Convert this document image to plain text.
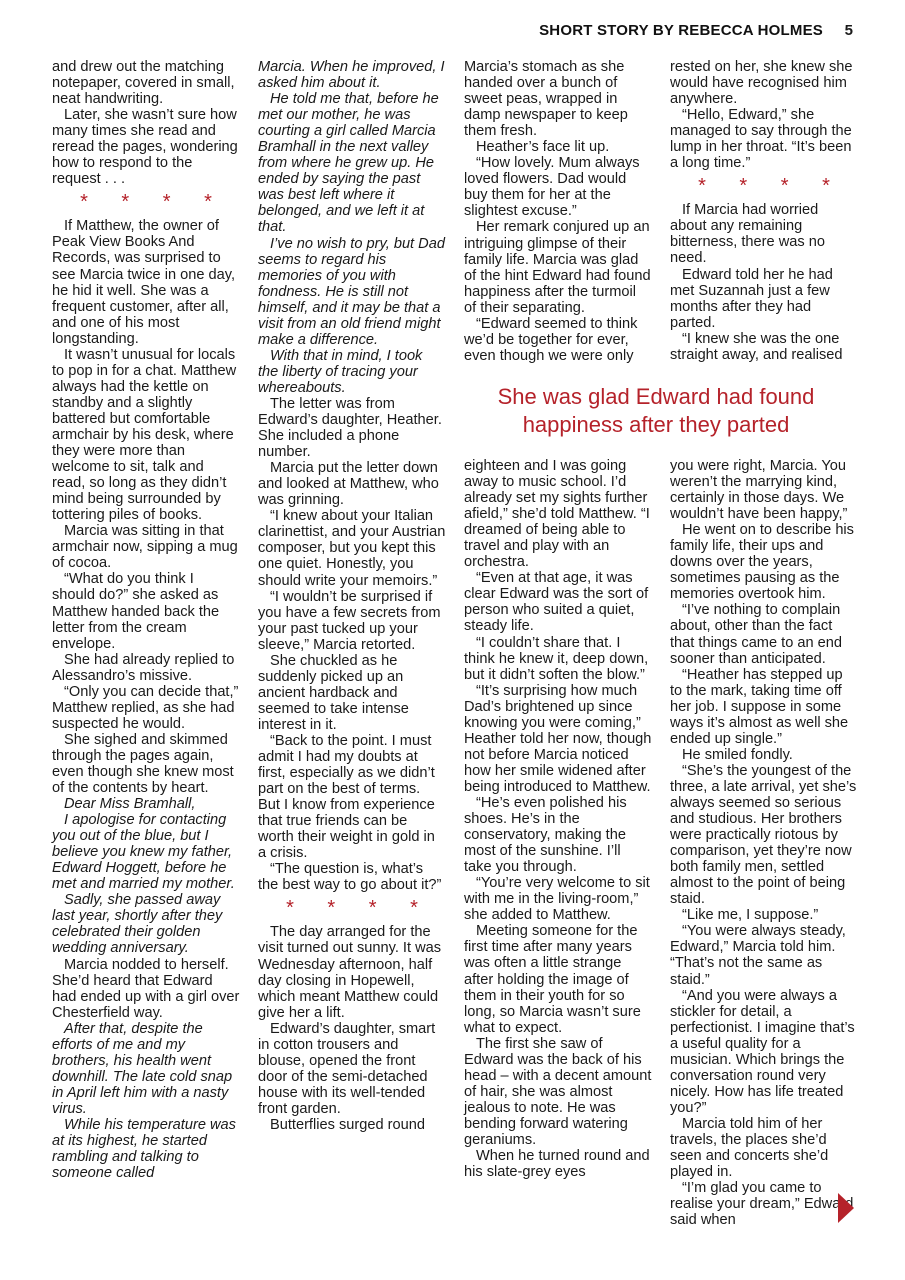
SHORT STORY BY REBECCA HOLMES	5

and drew out the matching notepaper, covered in small, neat handwriting.

Later, she wasn’t sure how many times she read and reread the pages, wondering how to respond to the request . . .

* * * *

If Matthew, the owner of Peak View Books And Records, was surprised to see Marcia twice in one day, he hid it well. She was a frequent customer, after all, and one of his most longstanding.

It wasn’t unusual for locals to pop in for a chat. Matthew always had the kettle on standby and a slightly battered but comfortable armchair by his desk, where they were more than welcome to sit, talk and read, so long as they didn’t mind being surrounded by tottering piles of books.

Marcia was sitting in that armchair now, sipping a mug of cocoa.

“What do you think I should do?” she asked as Matthew handed back the letter from the cream envelope.

She had already replied to Alessandro’s missive.

“Only you can decide that,” Matthew replied, as she had suspected he would.

She sighed and skimmed through the pages again, even though she knew most of the contents by heart.

Dear Miss Bramhall,

I apologise for contacting you out of the blue, but I believe you knew my father, Edward Hoggett, before he met and married my mother.

Sadly, she passed away last year, shortly after they celebrated their golden wedding anniversary.

Marcia nodded to herself. She’d heard that Edward had ended up with a girl over Chesterfield way.

After that, despite the efforts of me and my brothers, his health went downhill. The late cold snap in April left him with a nasty virus.

While his temperature was at its highest, he started rambling and talking to someone called

Marcia. When he improved, I asked him about it.

He told me that, before he met our mother, he was courting a girl called Marcia Bramhall in the next valley from where he grew up. He ended by saying the past was best left where it belonged, and we left it at that.

I’ve no wish to pry, but Dad seems to regard his memories of you with fondness. He is still not himself, and it may be that a visit from an old friend might make a difference.

With that in mind, I took the liberty of tracing your whereabouts.

The letter was from Edward’s daughter, Heather. She included a phone number.

Marcia put the letter down and looked at Matthew, who was grinning.

“I knew about your Italian clarinettist, and your Austrian composer, but you kept this one quiet. Honestly, you should write your memoirs.”

“I wouldn’t be surprised if you have a few secrets from your past tucked up your sleeve,” Marcia retorted.

She chuckled as he suddenly picked up an ancient hardback and seemed to take intense interest in it.

“Back to the point. I must admit I had my doubts at first, especially as we didn’t part on the best of terms. But I know from experience that true friends can be worth their weight in gold in a crisis.

“The question is, what’s the best way to go about it?”

* * * *

The day arranged for the visit turned out sunny. It was Wednesday afternoon, half day closing in Hopewell, which meant Matthew could give her a lift.

Edward’s daughter, smart in cotton trousers and blouse, opened the front door of the semi-detached house with its well-tended front garden.

Butterflies surged round

Marcia’s stomach as she handed over a bunch of sweet peas, wrapped in damp newspaper to keep them fresh.

Heather’s face lit up.

“How lovely. Mum always loved flowers. Dad would buy them for her at the slightest excuse.”

Her remark conjured up an intriguing glimpse of their family life. Marcia was glad of the hint Edward had found happiness after the turmoil of their separating.

“Edward seemed to think we’d be together for ever, even though we were only

rested on her, she knew she would have recognised him anywhere.

“Hello, Edward,” she managed to say through the lump in her throat. “It’s been a long time.”

* * * *

If Marcia had worried about any remaining bitterness, there was no need.

Edward told her he had met Suzannah just a few months after they had parted.

“I knew she was the one straight away, and realised

She was glad Edward had found happiness after they parted

eighteen and I was going away to music school. I’d already set my sights further afield,” she’d told Matthew. “I dreamed of being able to travel and play with an orchestra.

“Even at that age, it was clear Edward was the sort of person who suited a quiet, steady life.

“I couldn’t share that. I think he knew it, deep down, but it didn’t soften the blow.”

“It’s surprising how much Dad’s brightened up since knowing you were coming,” Heather told her now, though not before Marcia noticed how her smile widened after being introduced to Matthew.

“He’s even polished his shoes. He’s in the conservatory, making the most of the sunshine. I’ll take you through.

“You’re very welcome to sit with me in the living-room,” she added to Matthew.

Meeting someone for the first time after many years was often a little strange after holding the image of them in their youth for so long, so Marcia wasn’t sure what to expect.

The first she saw of Edward was the back of his head – with a decent amount of hair, she was almost jealous to note. He was bending forward watering geraniums.

When he turned round and his slate-grey eyes

you were right, Marcia. You weren’t the marrying kind, certainly in those days. We wouldn’t have been happy,”

He went on to describe his family life, their ups and downs over the years, sometimes pausing as the memories overtook him.

“I’ve nothing to complain about, other than the fact that things came to an end sooner than anticipated.

“Heather has stepped up to the mark, taking time off her job. I suppose in some ways it’s almost as well she ended up single.”

He smiled fondly.

“She’s the youngest of the three, a late arrival, yet she’s always seemed so serious and studious. Her brothers were practically riotous by comparison, yet they’re now both family men, settled almost to the point of being staid.

“Like me, I suppose.”

“You were always steady, Edward,” Marcia told him. “That’s not the same as staid.”

“And you were always a stickler for detail, a perfectionist. I imagine that’s a useful quality for a musician. Which brings the conversation round very nicely. How has life treated you?”

Marcia told him of her travels, the places she’d seen and concerts she’d played in.

“I’m glad you came to realise your dream,” Edward said when
